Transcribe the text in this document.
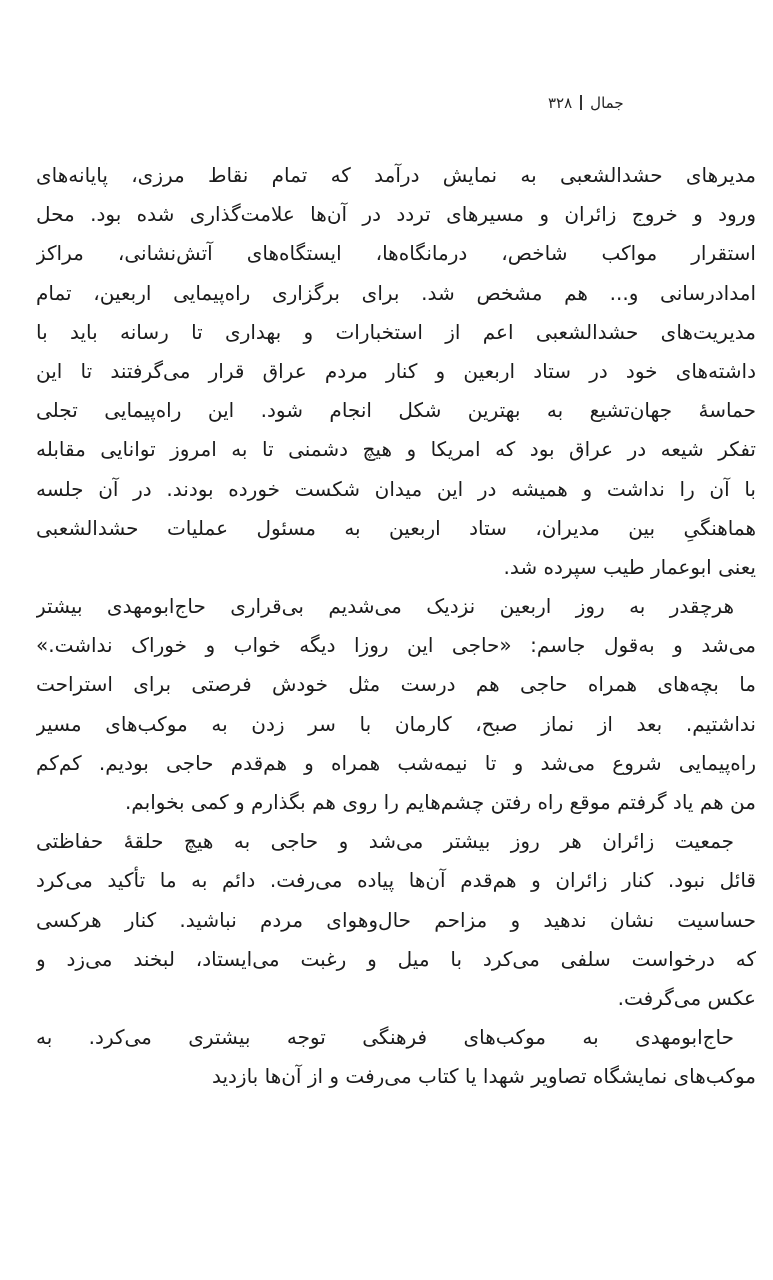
جمال۳۲۸
مدیرهای حشدالشعبی به نمایش درآمد که تمام نقاط مرزی، پایانه‌های
ورود و خروج زائران و مسیرهای تردد در آن‌ها علامت‌گذاری شده بود. محل
استقرار مواکب شاخص، درمانگاه‌ها، ایستگاه‌های آتش‌نشانی، مراکز
امدادرسانی و... هم مشخص شد. برای برگزاری راه‌پیمایی اربعین، تمام
مدیریت‌های حشدالشعبی اعم از استخبارات و بهداری تا رسانه باید با
داشته‌های خود در ستاد اربعین و کنار مردم عراق قرار می‌گرفتند تا این
حماسهٔ جهان‌تشیع به بهترین شکل انجام شود. این راه‌پیمایی تجلی
تفکر شیعه در عراق بود که امریکا و هیچ دشمنی تا به امروز توانایی مقابله
با آن را نداشت و همیشه در این میدان شکست خورده بودند. در آن جلسه
هماهنگیِ بین مدیران، ستاد اربعین به مسئول عملیات حشدالشعبی
یعنی ابوعمار طیب سپرده شد.
هرچقدر به روز اربعین نزدیک می‌شدیم بی‌قراری حاج‌ابومهدی بیشتر
می‌شد و به‌قول جاسم: «حاجی این روزا دیگه خواب و خوراک نداشت.»
ما بچه‌های همراه حاجی هم درست مثل خودش فرصتی برای استراحت
نداشتیم. بعد از نماز صبح، کارمان با سر زدن به موکب‌های مسیر
راه‌پیمایی شروع می‌شد و تا نیمه‌شب همراه و هم‌قدم حاجی بودیم. کم‌کم
من هم یاد گرفتم موقع راه رفتن چشم‌هایم را روی هم بگذارم و کمی بخوابم.
جمعیت زائران هر روز بیشتر می‌شد و حاجی به هیچ حلقهٔ حفاظتی
قائل نبود. کنار زائران و هم‌قدم آن‌ها پیاده می‌رفت. دائم به ما تأکید می‌کرد
حساسیت نشان ندهید و مزاحم حال‌وهوای مردم نباشید. کنار هرکسی
که درخواست سلفی می‌کرد با میل و رغبت می‌ایستاد، لبخند می‌زد و
عکس می‌گرفت.
حاج‌ابومهدی به موکب‌های فرهنگی توجه بیشتری می‌کرد. به
موکب‌های نمایشگاه تصاویر شهدا یا کتاب می‌رفت و از آن‌ها بازدید
